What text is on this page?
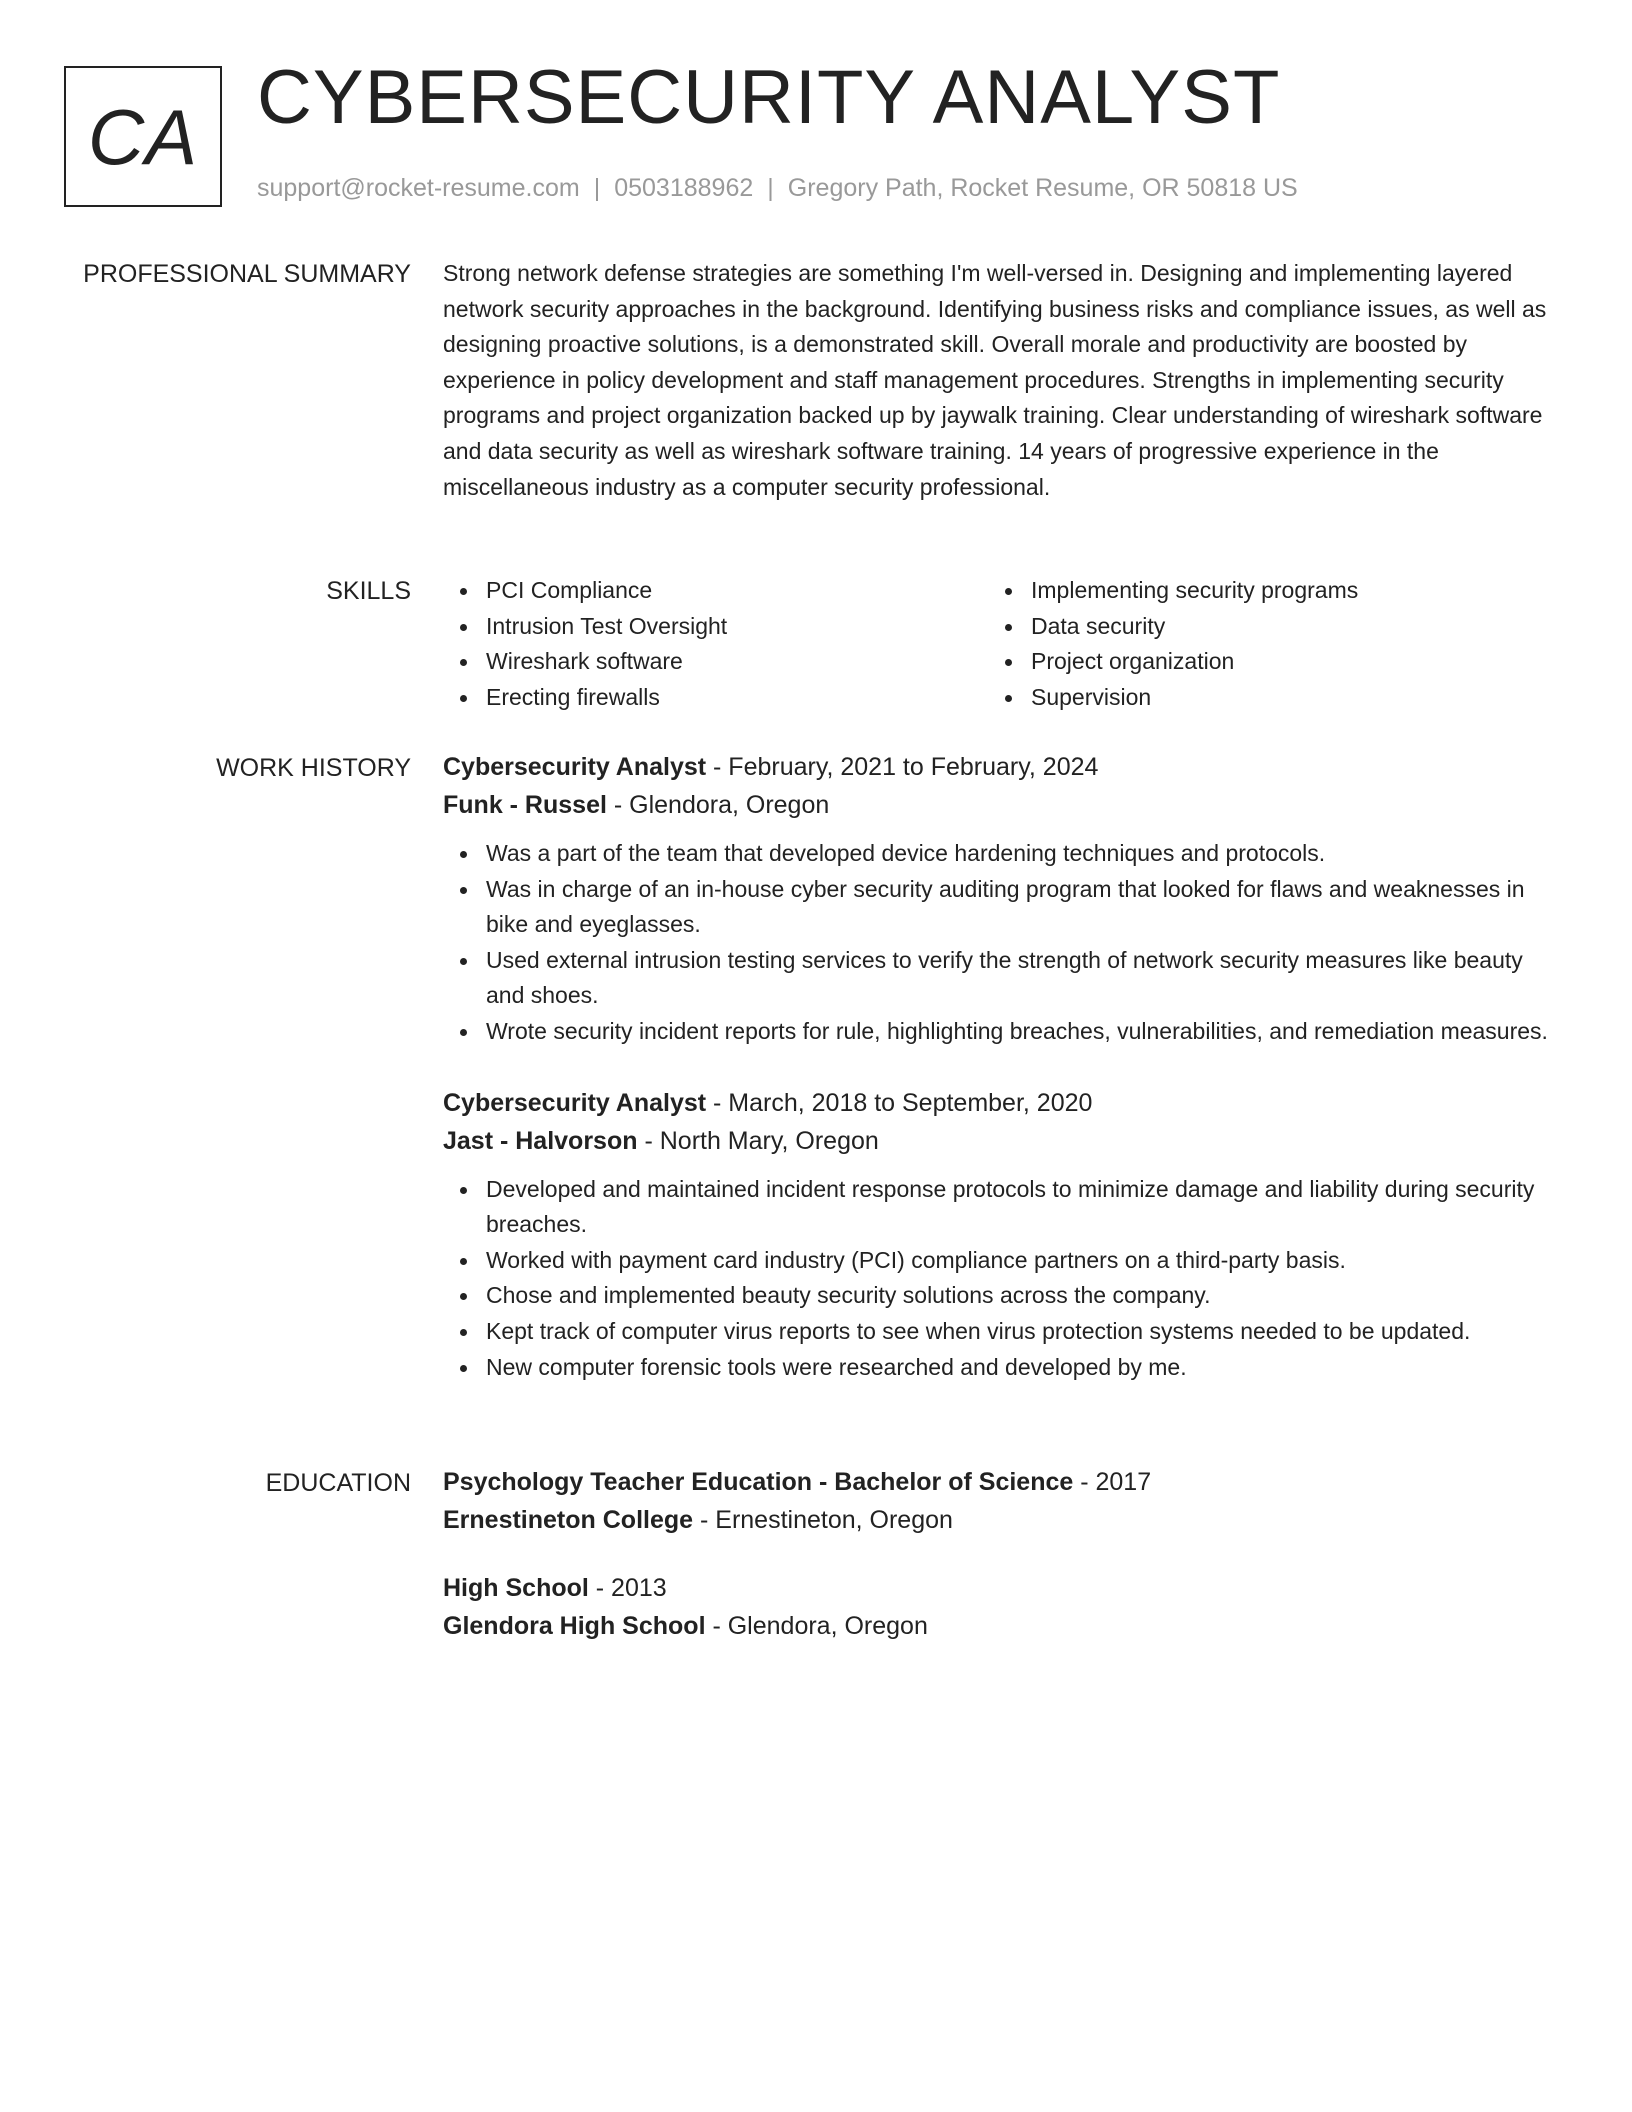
CA CYBERSECURITY ANALYST
support@rocket-resume.com | 0503188962 | Gregory Path, Rocket Resume, OR 50818 US
PROFESSIONAL SUMMARY Strong network defense strategies are something I'm well-versed in. Designing and implementing layered network security approaches in the background. Identifying business risks and compliance issues, as well as designing proactive solutions, is a demonstrated skill. Overall morale and productivity are boosted by experience in policy development and staff management procedures. Strengths in implementing security programs and project organization backed up by jaywalk training. Clear understanding of wireshark software and data security as well as wireshark software training. 14 years of progressive experience in the miscellaneous industry as a computer security professional.

SKILLS	PCI Compliance
Intrusion Test Oversight
Wireshark software
Erecting firewalls
Implementing security programs
Data security
Project organization
Supervision
WORK HISTORY Cybersecurity Analyst - February, 2021 to February, 2024
Funk - Russel - Glendora, Oregon
Was a part of the team that developed device hardening techniques and protocols.
Was in charge of an in-house cyber security auditing program that looked for flaws and weaknesses in bike and eyeglasses.
Used external intrusion testing services to verify the strength of network security measures like beauty and shoes.
Wrote security incident reports for rule, highlighting breaches, vulnerabilities, and remediation measures.
Cybersecurity Analyst - March, 2018 to September, 2020
Jast - Halvorson - North Mary, Oregon
Developed and maintained incident response protocols to minimize damage and liability during security breaches.
Worked with payment card industry (PCI) compliance partners on a third-party basis.
Chose and implemented beauty security solutions across the company.
Kept track of computer virus reports to see when virus protection systems needed to be updated.
New computer forensic tools were researched and developed by me.
EDUCATION Psychology Teacher Education - Bachelor of Science - 2017
Ernestineton College - Ernestineton, Oregon
High School - 2013
Glendora High School - Glendora, Oregon
